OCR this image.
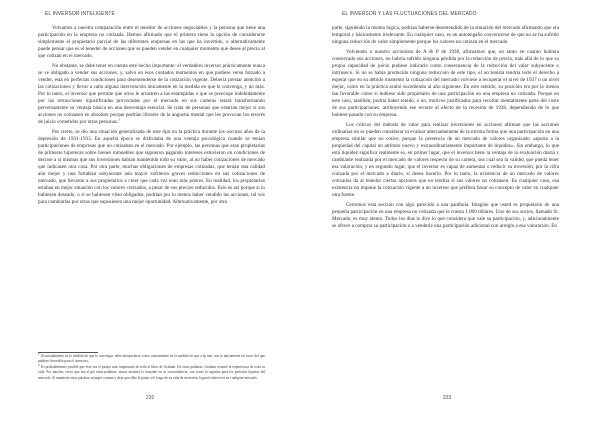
EL INVERSOR INTELIGENTE

Volvamos a nuestra comparación entre el tenedor de acciones negociables y la persona que tiene una participación en la empresa no cotizada. Hemos afirmado que el primero tiene la opción de considerarse simplemente el propietario parcial de las diferentes empresas en las que ha invertido, o alternativamente puede pensar que es el tenedor de acciones que se pueden vender en cualquier momento que desee al precio al que cotizan en el mercado.

No obstante, se debe tener en cuenta este hecho importante: el verdadero inversor prácticamente nunca se ve obligado a vender sus acciones, y, salvo en esos contados momentos en que pudiese verse forzado a vender, está en perfectas condiciones para desentenderse de la cotización vigente. Debería prestar atención a las cotizaciones y llevar a cabo alguna intervención únicamente en la medida en que le convenga, y no más. Por lo tanto, el inversor que permite que otros le arrastren a las estampidas o que se preocupe indebidamente por las retracciones injustificadas provocadas por el mercado en sus carteras estará transformando perversamente su ventaja básica en una desventaja esencial. Se trata de personas que estarían mejor si sus acciones no cotizasen en absoluto porque podrían librarse de la angustia mental que les provocan los errores de juicio cometidos por otras personas.$^1$

Por cierto, se dio una situación generalizada de este tipo en la práctica durante los oscuros años de la depresión de 1931-1933. En aquella época se disfrutaba de una ventaja psicológica cuando se tenían participaciones de empresas que no cotizaban en el mercado. Por ejemplo, las personas que eran propietarias de primeras hipotecas sobre bienes inmuebles que siguieron pagando intereses estuvieron en condiciones de decirse a sí mismas que sus inversiones habían mantenido todo su valor, al no haber cotizaciones de mercado que indicasen otra cosa. Por otra parte, muchas obligaciones de empresas cotizadas, que tenían una calidad aún mejor y una fortaleza subyacente aún mayor sufrieron graves reducciones en sus cotizaciones de mercado, que llevaron a sus propietarios a creer que cada vez eran más pobres. En realidad, los propietarios estaban en mejor situación con los valores cotizados, a pesar de sus precios reducidos. Esto es así porque si lo hubiesen deseado, o si se hubiesen visto obligados, podrían por lo menos haber vendido las acciones, tal vez para cambiarlas por otras que supusiesen una mejor oportunidad. Alternativamente, por otra

$^1$ Ocasionalmente en la medida en que le convenga: debe interpretarse como «únicamente en la medida en que a Ip más con lo únicamente en favor del que pudiese favorable para el inversor».

$^2$ Es probablemente posible que éste sea el pasaje más importante de todo el libro de Graham. En estas palabras, Graham resume la experiencia de toda su vida. Por muchas veces que lea al pie estas palabras, nunca insistirá lo bastante en su trascendencia, son como la aspirina para los periodos bajistas del mercado. Si mantiene estas palabras siempre a mano y deja que ellas le guíen a lo largo de su vida de inversión, logrará sobrevivir en cualquier mercado.

232
EL INVERSOR Y LAS FLUCTUACIONES DEL MERCADO

parte, siguiendo la misma lógica, podrían haberse desentendido de la situación del mercado afirmando que era temporal y básicamente irrelevante. En cualquier caso, es un autoengaño convencerse de que no se ha sufrido ninguna reducción de valor simplemente porque los valores no cotizan en el mercado.

Volviendo a nuestro accionista de A & P de 1938, afirmamos que, en tanto en cuanto hubiera conservado sus acciones, no habría sufrido ninguna pérdida por la reducción de precio, más allá de lo que su propia capacidad de juicio pudiese indicarle como consecuencia de la reducción del valor subyacente o intrínseco. Si no se había producido ninguna reducción de este tipo, el accionista tendría todo el derecho a esperar que en su debido momento la cotización del mercado volviese a recuperar el nivel de 1937 o un nivel mejor, como en la práctica acabó sucediendo al año siguiente. En este sentido, su posición era por lo menos tan favorable como si hubiese sido propietario de una participación en una empresa no cotizada. Porque en este caso, también, podría haber tenido, o no, motivos justificados para recortar mentalmente parte del coste de sus participaciones, atribuyendo ese recorte al efecto de la recesión de 1938, dependiendo de lo que hubiese pasado con su empresa.

Los críticos del método de valor para realizar inversiones en acciones afirman que las acciones ordinarias no se pueden considerar ni evaluar adecuadamente de la misma forma que una participación en una empresa similar que no cotice, porque la presencia de un mercado de valores organizado «aporta a la propiedad del capital un atributo nuevo y extraordinariamente importante de liquidez». Sin embargo, lo que está liquidez significa realmente es, en primer lugar, que el inversor tiene la ventaja de la evaluación diaria y cambiante realizada por el mercado de valores respecto de su cartera, sea cual sea la validez que pueda tener esa valoración, y en segundo lugar, que el inversor es capaz de aumentar o reducir su inversión, por la cifra cotizada por el mercado a diario, si desea hacerlo. Por lo tanto, la existencia de un mercado de valores cotizados da al tenedor ciertas opciones que no tendría si sus valores no cotizasen. En cualquier caso, esa existencia no impone la cotización vigente a un inversor que prefiera basar su concepto de valor en cualquier otra fuente.

Cerremos esta sección con algo parecido a una parábola. Imagine que usted es propietario de una pequeña participación en una empresa no cotizada que le cuesta 1.000 dólares. Uno de sus socios, llamado Sr. Mercado, es muy atento. Todos los días le dice lo que considera que vale su participación, y, adicionalmente se ofrece a comprar su participación o a venderle una participación adicional con arreglo a esa valoración. En

233
